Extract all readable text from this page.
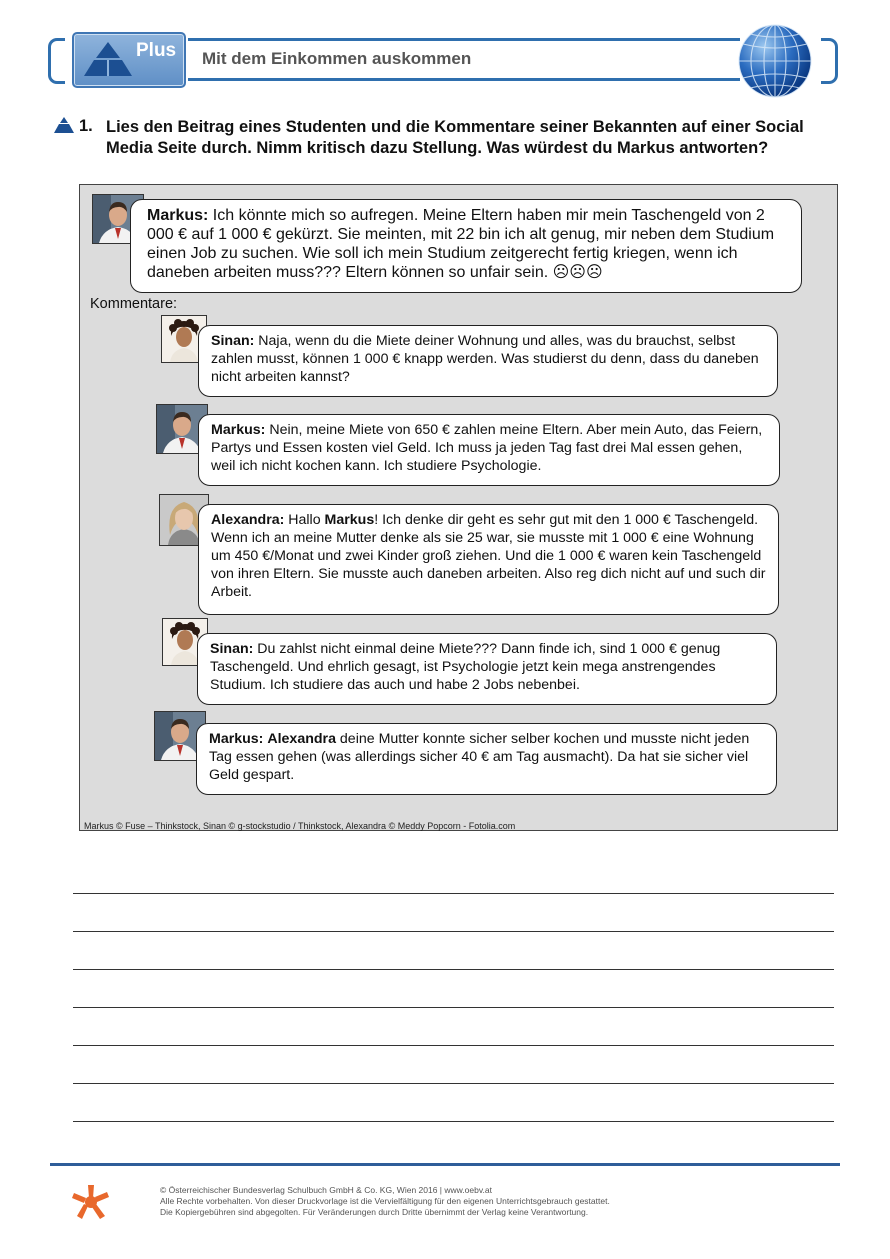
Plus Mit dem Einkommen auskommen
1. Lies den Beitrag eines Studenten und die Kommentare seiner Bekannten auf einer Social Media Seite durch. Nimm kritisch dazu Stellung. Was würdest du Markus antworten?
Markus: Ich könnte mich so aufregen. Meine Eltern haben mir mein Taschengeld von 2 000 € auf 1 000 € gekürzt. Sie meinten, mit 22 bin ich alt genug, mir neben dem Studium einen Job zu suchen. Wie soll ich mein Studium zeitgerecht fertig kriegen, wenn ich daneben arbeiten muss??? Eltern können so unfair sein. ☹☹☹
Kommentare:
Sinan: Naja, wenn du die Miete deiner Wohnung und alles, was du brauchst, selbst zahlen musst, können 1 000 € knapp werden. Was studierst du denn, dass du daneben nicht arbeiten kannst?
Markus: Nein, meine Miete von 650 € zahlen meine Eltern. Aber mein Auto, das Feiern, Partys und Essen kosten viel Geld. Ich muss ja jeden Tag fast drei Mal essen gehen, weil ich nicht kochen kann. Ich studiere Psychologie.
Alexandra: Hallo Markus! Ich denke dir geht es sehr gut mit den 1 000 € Taschengeld. Wenn ich an meine Mutter denke als sie 25 war, sie musste mit 1 000 € eine Wohnung um 450 €/Monat und zwei Kinder groß ziehen. Und die 1 000 € waren kein Taschengeld von ihren Eltern. Sie musste auch daneben arbeiten. Also reg dich nicht auf und such dir Arbeit.
Sinan: Du zahlst nicht einmal deine Miete??? Dann finde ich, sind 1 000 € genug Taschengeld. Und ehrlich gesagt, ist Psychologie jetzt kein mega anstrengendes Studium. Ich studiere das auch und habe 2 Jobs nebenbei.
Markus: Alexandra deine Mutter konnte sicher selber kochen und musste nicht jeden Tag essen gehen (was allerdings sicher 40 € am Tag ausmacht). Da hat sie sicher viel Geld gespart.
Markus © Fuse – Thinkstock, Sinan © g-stockstudio / Thinkstock, Alexandra © Meddy Popcorn - Fotolia.com
© Österreichischer Bundesverlag Schulbuch GmbH & Co. KG, Wien 2016 | www.oebv.at
Alle Rechte vorbehalten. Von dieser Druckvorlage ist die Vervielfältigung für den eigenen Unterrichtsgebrauch gestattet.
Die Kopiergebühren sind abgegolten. Für Veränderungen durch Dritte übernimmt der Verlag keine Verantwortung.
